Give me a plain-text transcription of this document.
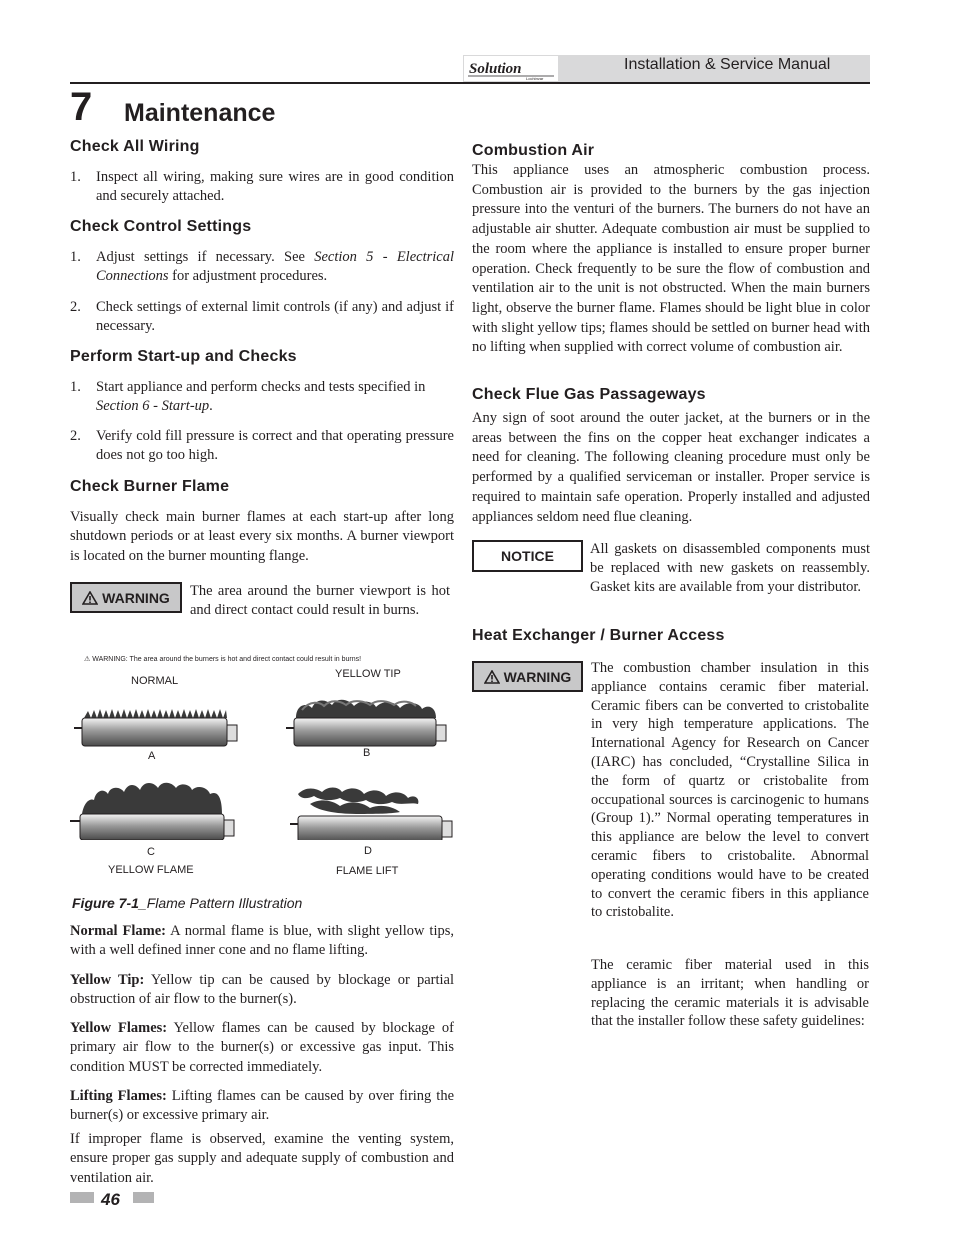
Solution
Lochinvar
Installation & Service Manual
7 Maintenance
Check All Wiring
1.	Inspect all wiring, making sure wires are in good condition and securely attached.
Check Control Settings
1.	Adjust settings if necessary. See Section 5 - Electrical Connections for adjustment procedures.
2.	Check settings of external limit controls (if any) and adjust if necessary.
Perform Start-up and Checks
1.	Start appliance and perform checks and tests specified in Section 6 - Start-up.
2.	Verify cold fill pressure is correct and that operating pressure does not go too high.
Check Burner Flame
Visually check main burner flames at each start-up after long shutdown periods or at least every six months. A burner viewport is located on the burner mounting flange.
WARNING The area around the burner viewport is hot and direct contact could result in burns.
⚠ WARNING: The area around the burners is hot and direct contact could result in burns!
NORMAL
YELLOW TIP
A	B
C	D
YELLOW FLAME	FLAME LIFT
Figure 7-1_Flame Pattern Illustration
Normal Flame: A normal flame is blue, with slight yellow tips, with a well defined inner cone and no flame lifting.
Yellow Tip: Yellow tip can be caused by blockage or partial obstruction of air flow to the burner(s).
Yellow Flames: Yellow flames can be caused by blockage of primary air flow to the burner(s) or excessive gas input. This condition MUST be corrected immediately.
Lifting Flames: Lifting flames can be caused by over firing the burner(s) or excessive primary air.
If improper flame is observed, examine the venting system, ensure proper gas supply and adequate supply of combustion and ventilation air.
Combustion Air
This appliance uses an atmospheric combustion process. Combustion air is provided to the burners by the gas injection pressure into the venturi of the burners. The burners do not have an adjustable air shutter. Adequate combustion air must be supplied to the room where the appliance is installed to ensure proper burner operation. Check frequently to be sure the flow of combustion and ventilation air to the unit is not obstructed. When the main burners light, observe the burner flame. Flames should be light blue in color with slight yellow tips; flames should be settled on burner head with no lifting when supplied with correct volume of combustion air.
Check Flue Gas Passageways
Any sign of soot around the outer jacket, at the burners or in the areas between the fins on the copper heat exchanger indicates a need for cleaning. The following cleaning procedure must only be performed by a qualified serviceman or installer. Proper service is required to maintain safe operation. Properly installed and adjusted appliances seldom need flue cleaning.
NOTICE	All gaskets on disassembled components must be replaced with new gaskets on reassembly. Gasket kits are available from your distributor.
Heat Exchanger / Burner Access
WARNING
The combustion chamber insulation in this appliance contains ceramic fiber material. Ceramic fibers can be converted to cristobalite in very high temperature applications. The International Agency for Research on Cancer (IARC) has concluded, “Crystalline Silica in the form of quartz or cristobalite from occupational sources is carcinogenic to humans (Group 1).” Normal operating temperatures in this appliance are below the level to convert ceramic fibers to cristobalite. Abnormal operating conditions would have to be created to convert the ceramic fibers in this appliance to cristobalite.
The ceramic fiber material used in this appliance is an irritant; when handling or replacing the ceramic materials it is advisable that the installer follow these safety guidelines:
46
